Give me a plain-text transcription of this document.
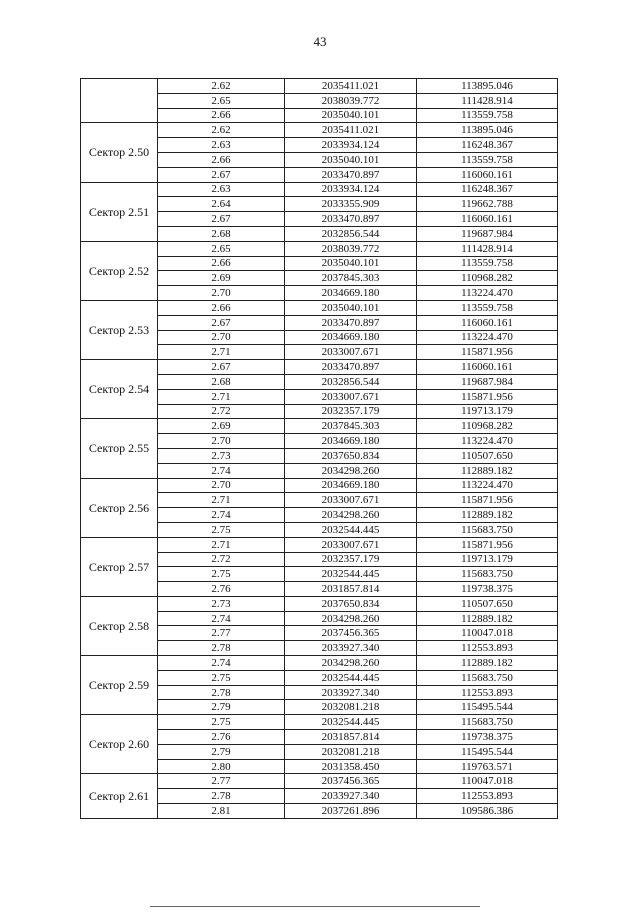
43
	2.62	2035411.021	113895.046
	2.65	2038039.772	111428.914
	2.66	2035040.101	113559.758
Сектор 2.50	2.62	2035411.021	113895.046
	2.63	2033934.124	116248.367
	2.66	2035040.101	113559.758
	2.67	2033470.897	116060.161
Сектор 2.51	2.63	2033934.124	116248.367
	2.64	2033355.909	119662.788
	2.67	2033470.897	116060.161
	2.68	2032856.544	119687.984
Сектор 2.52	2.65	2038039.772	111428.914
	2.66	2035040.101	113559.758
	2.69	2037845.303	110968.282
	2.70	2034669.180	113224.470
Сектор 2.53	2.66	2035040.101	113559.758
	2.67	2033470.897	116060.161
	2.70	2034669.180	113224.470
	2.71	2033007.671	115871.956
Сектор 2.54	2.67	2033470.897	116060.161
	2.68	2032856.544	119687.984
	2.71	2033007.671	115871.956
	2.72	2032357.179	119713.179
Сектор 2.55	2.69	2037845.303	110968.282
	2.70	2034669.180	113224.470
	2.73	2037650.834	110507.650
	2.74	2034298.260	112889.182
Сектор 2.56	2.70	2034669.180	113224.470
	2.71	2033007.671	115871.956
	2.74	2034298.260	112889.182
	2.75	2032544.445	115683.750
Сектор 2.57	2.71	2033007.671	115871.956
	2.72	2032357.179	119713.179
	2.75	2032544.445	115683.750
	2.76	2031857.814	119738.375
Сектор 2.58	2.73	2037650.834	110507.650
	2.74	2034298.260	112889.182
	2.77	2037456.365	110047.018
	2.78	2033927.340	112553.893
Сектор 2.59	2.74	2034298.260	112889.182
	2.75	2032544.445	115683.750
	2.78	2033927.340	112553.893
	2.79	2032081.218	115495.544
Сектор 2.60	2.75	2032544.445	115683.750
	2.76	2031857.814	119738.375
	2.79	2032081.218	115495.544
	2.80	2031358.450	119763.571
Сектор 2.61	2.77	2037456.365	110047.018
	2.78	2033927.340	112553.893
	2.81	2037261.896	109586.386
